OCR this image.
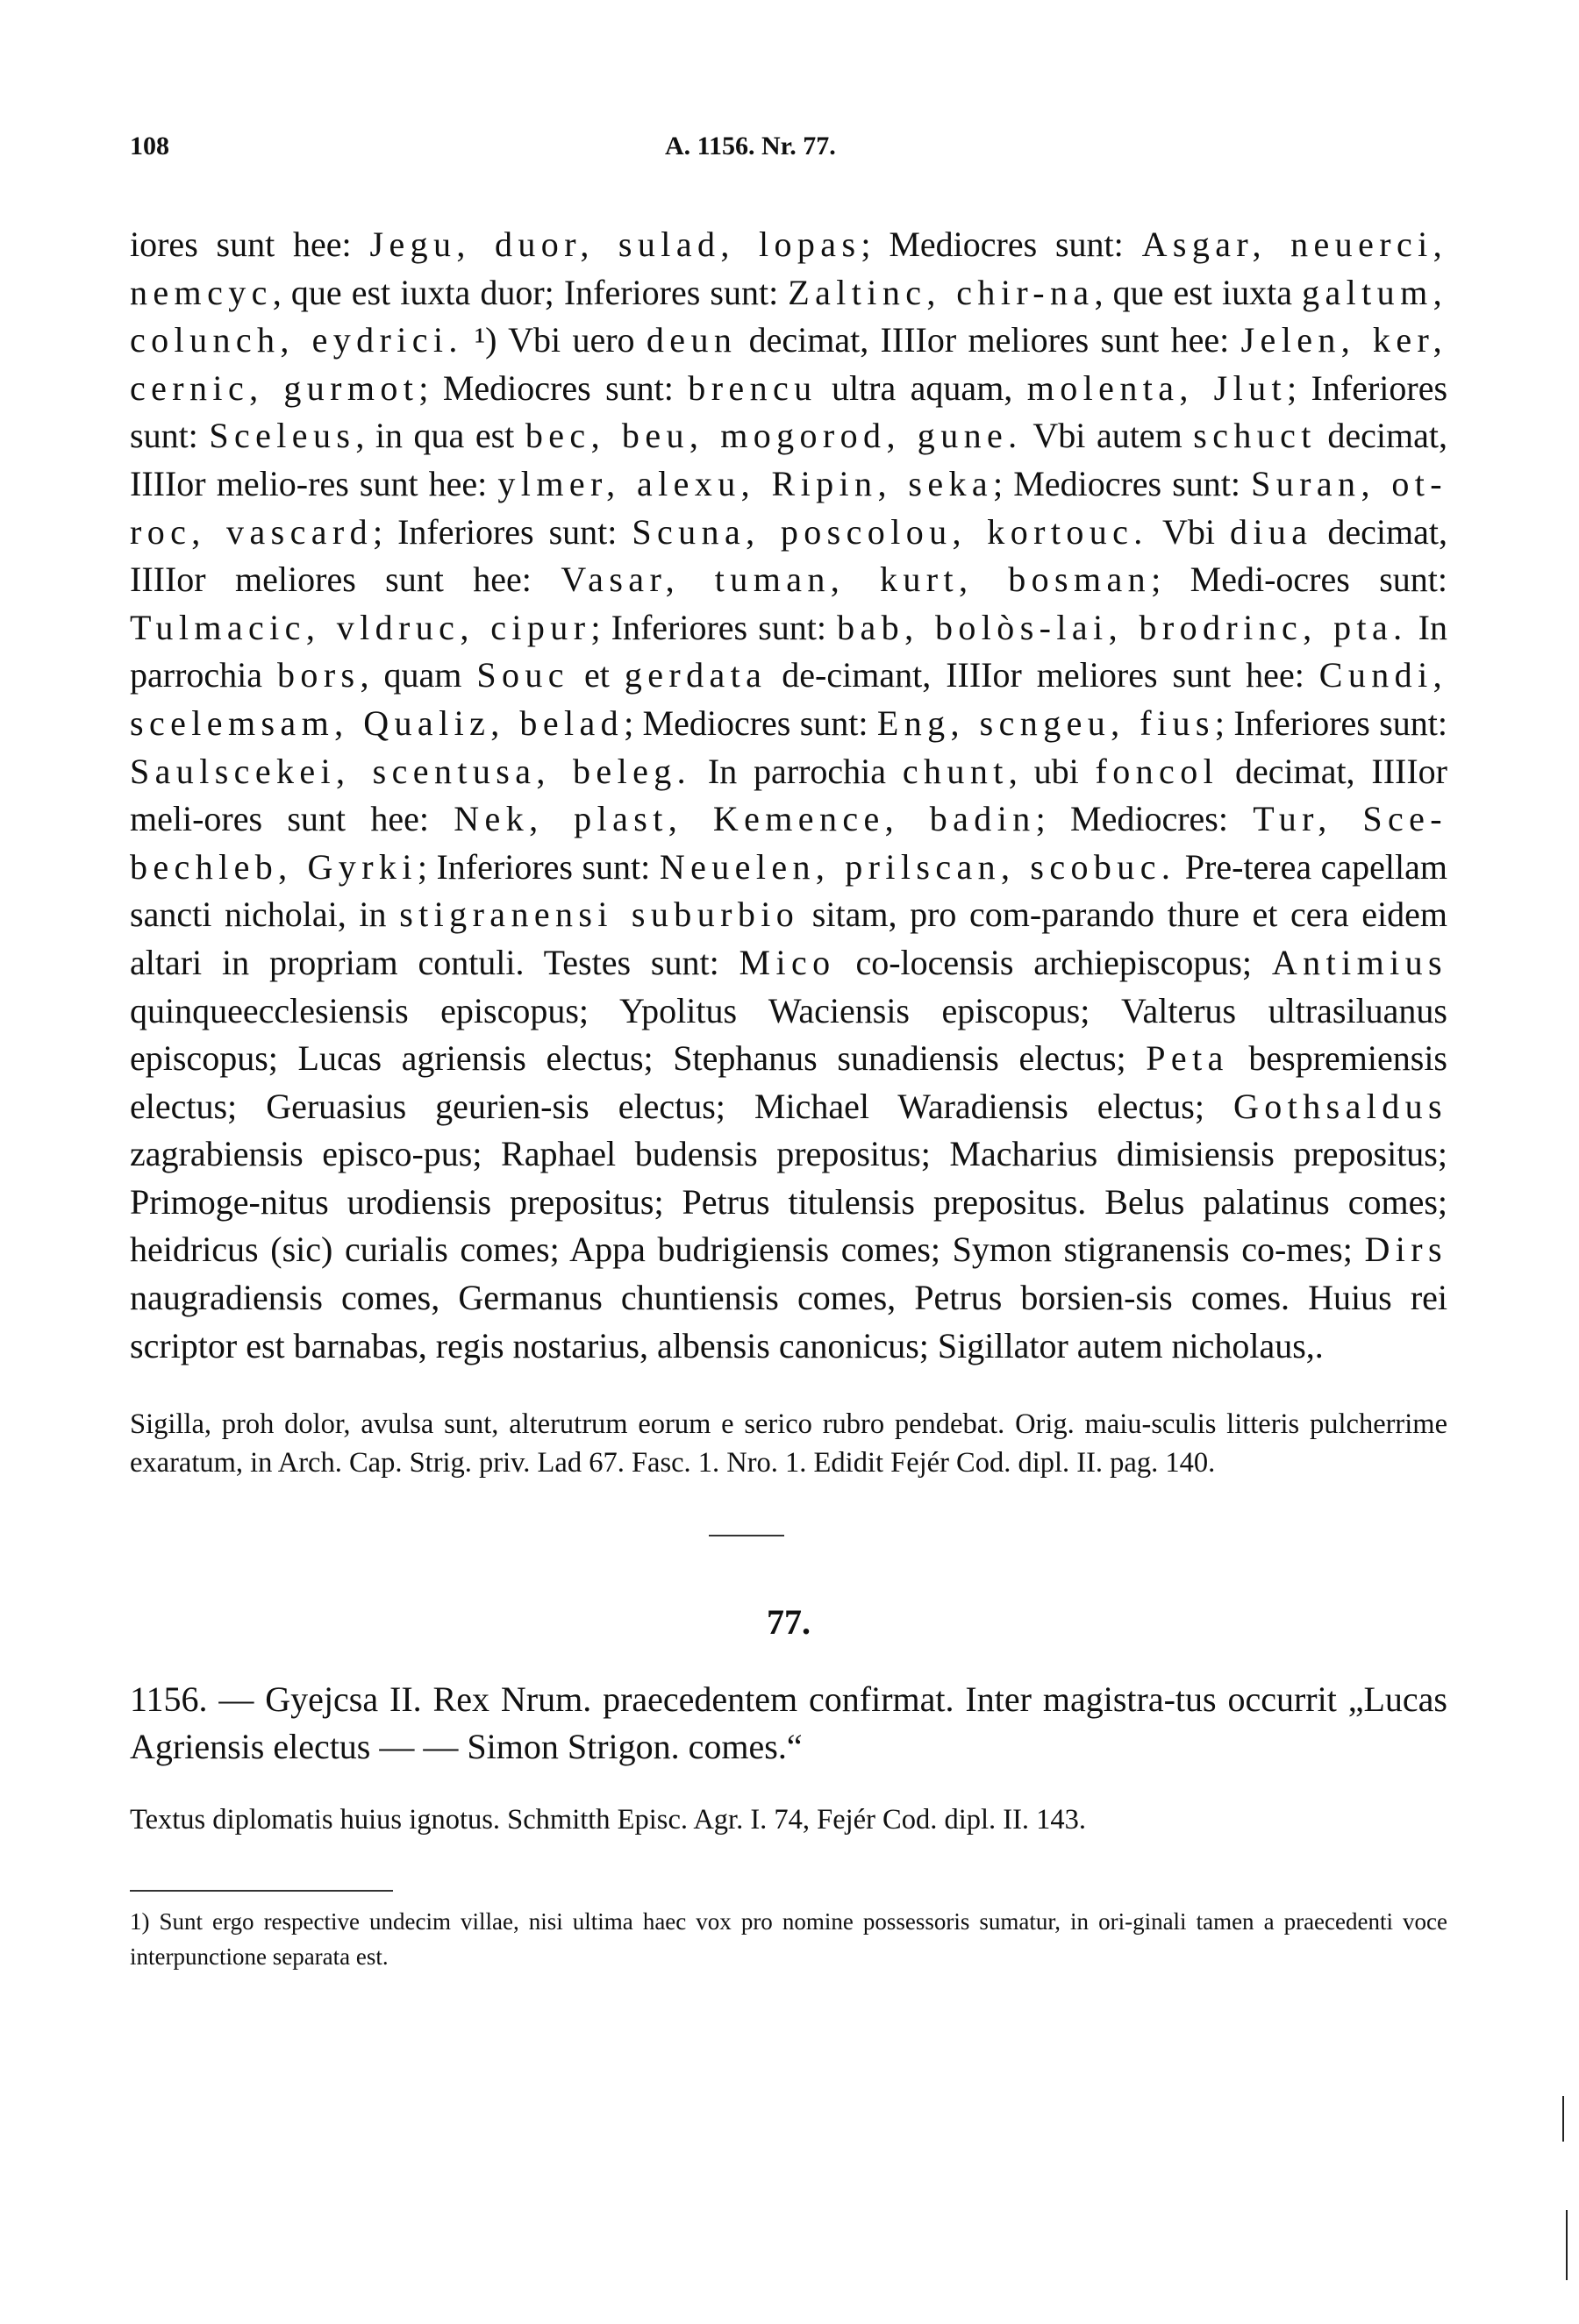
108	A. 1156. Nr. 77.
iores sunt hee: Jegu, duor, sulad, lopas; Mediocres sunt: Asgar, neuerci, nemcyc, que est iuxta duor; Inferiores sunt: Zaltinc, chir-na, que est iuxta galtum, colunch, eydrici. ¹) Vbi uero deun decimat, IIIIor meliores sunt hee: Jelen, ker, cernic, gurmot; Mediocres sunt: brencu ultra aquam, molenta, Jlut; Inferiores sunt: Sceleus, in qua est bec, beu, mogorod, gune. Vbi autem schuct decimat, IIIIor melio-res sunt hee: ylmer, alexu, Ripin, seka; Mediocres sunt: Suran, ot-roc, vascard; Inferiores sunt: Scuna, poscolou, kortouc. Vbi diua decimat, IIIIor meliores sunt hee: Vasar, tuman, kurt, bosman; Medi-ocres sunt: Tulmacic, vldruc, cipur; Inferiores sunt: bab, bolòs-lai, brodrinc, pta. In parrochia bors, quam Souc et gerdata de-cimant, IIIIor meliores sunt hee: Cundi, scelemsam, Qualiz, belad; Mediocres sunt: Eng, scngeu, fius; Inferiores sunt: Saulscekei, scentusa, beleg. In parrochia chunt, ubi foncol decimat, IIIIor meli-ores sunt hee: Nek, plast, Kemence, badin; Mediocres: Tur, Sce-bechleb, Gyrki; Inferiores sunt: Neuelen, prilscan, scobuc. Pre-terea capellam sancti nicholai, in stigranensi suburbio sitam, pro com-parando thure et cera eidem altari in propriam contuli. Testes sunt: Mico co-locensis archiepiscopus; Antimius quinqueecclesiensis episcopus; Ypolitus Waciensis episcopus; Valterus ultrasiluanus episcopus; Lucas agriensis electus; Stephanus sunadiensis electus; Peta bespremiensis electus; Geruasius geurien-sis electus; Michael Waradiensis electus; Gothsaldus zagrabiensis episco-pus; Raphael budensis prepositus; Macharius dimisiensis prepositus; Primoge-nitus urodiensis prepositus; Petrus titulensis prepositus. Belus palatinus comes; heidricus (sic) curialis comes; Appa budrigiensis comes; Symon stigranensis co-mes; Dirs naugradiensis comes, Germanus chuntiensis comes, Petrus borsien-sis comes. Huius rei scriptor est barnabas, regis nostarius, albensis canonicus; Sigillator autem nicholaus,.
Sigilla, proh dolor, avulsa sunt, alterutrum eorum e serico rubro pendebat. Orig. maiu-sculis litteris pulcherrime exaratum, in Arch. Cap. Strig. priv. Lad 67. Fasc. 1. Nro. 1. Edidit Fejér Cod. dipl. II. pag. 140.
77.
1156. — Gyejcsa II. Rex Nrum. praecedentem confirmat. Inter magistra-tus occurrit „Lucas Agriensis electus — — Simon Strigon. comes.“
Textus diplomatis huius ignotus. Schmitth Episc. Agr. I. 74, Fejér Cod. dipl. II. 143.
1) Sunt ergo respective undecim villae, nisi ultima haec vox pro nomine possessoris sumatur, in ori-ginali tamen a praecedenti voce interpunctione separata est.
